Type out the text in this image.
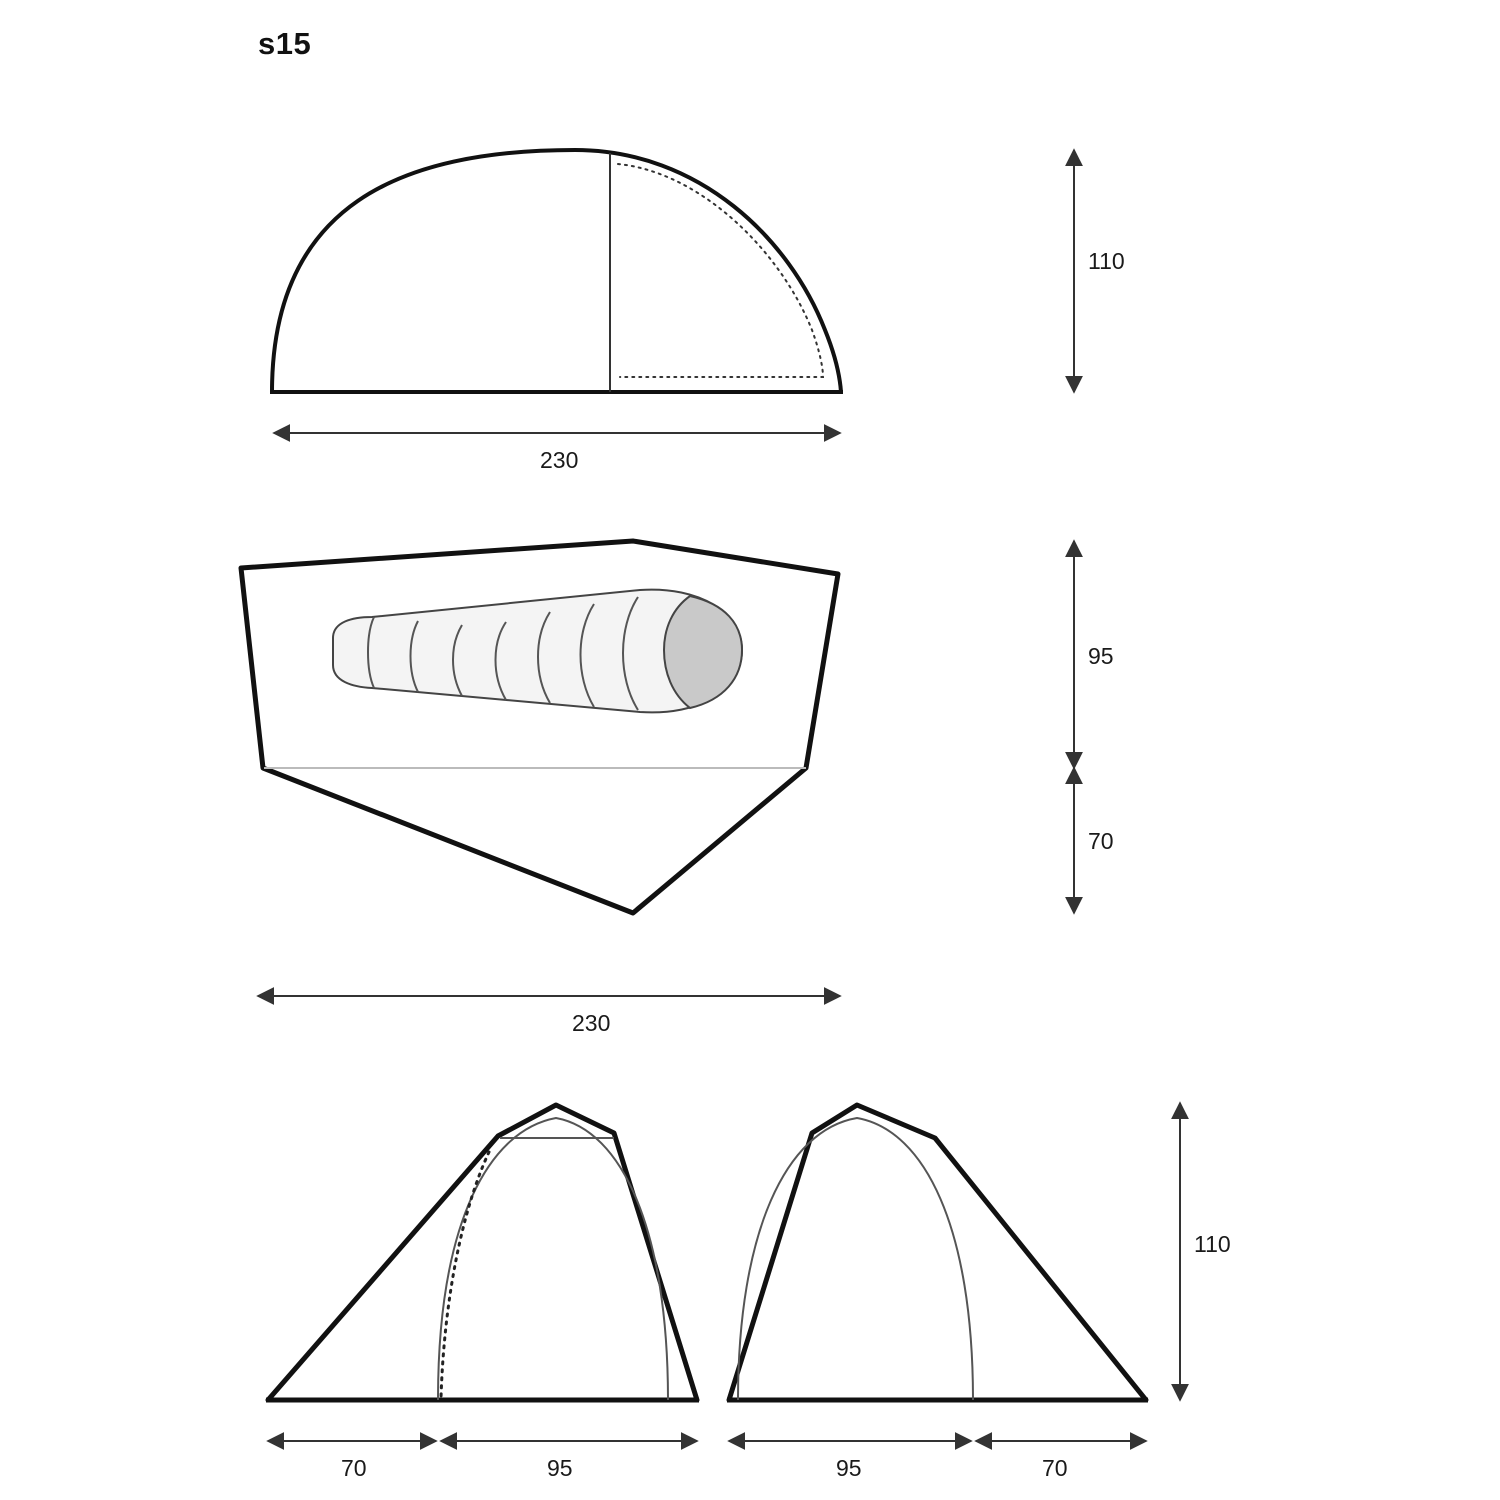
s15
110
230
95
70
230
70	95	95	70
110
